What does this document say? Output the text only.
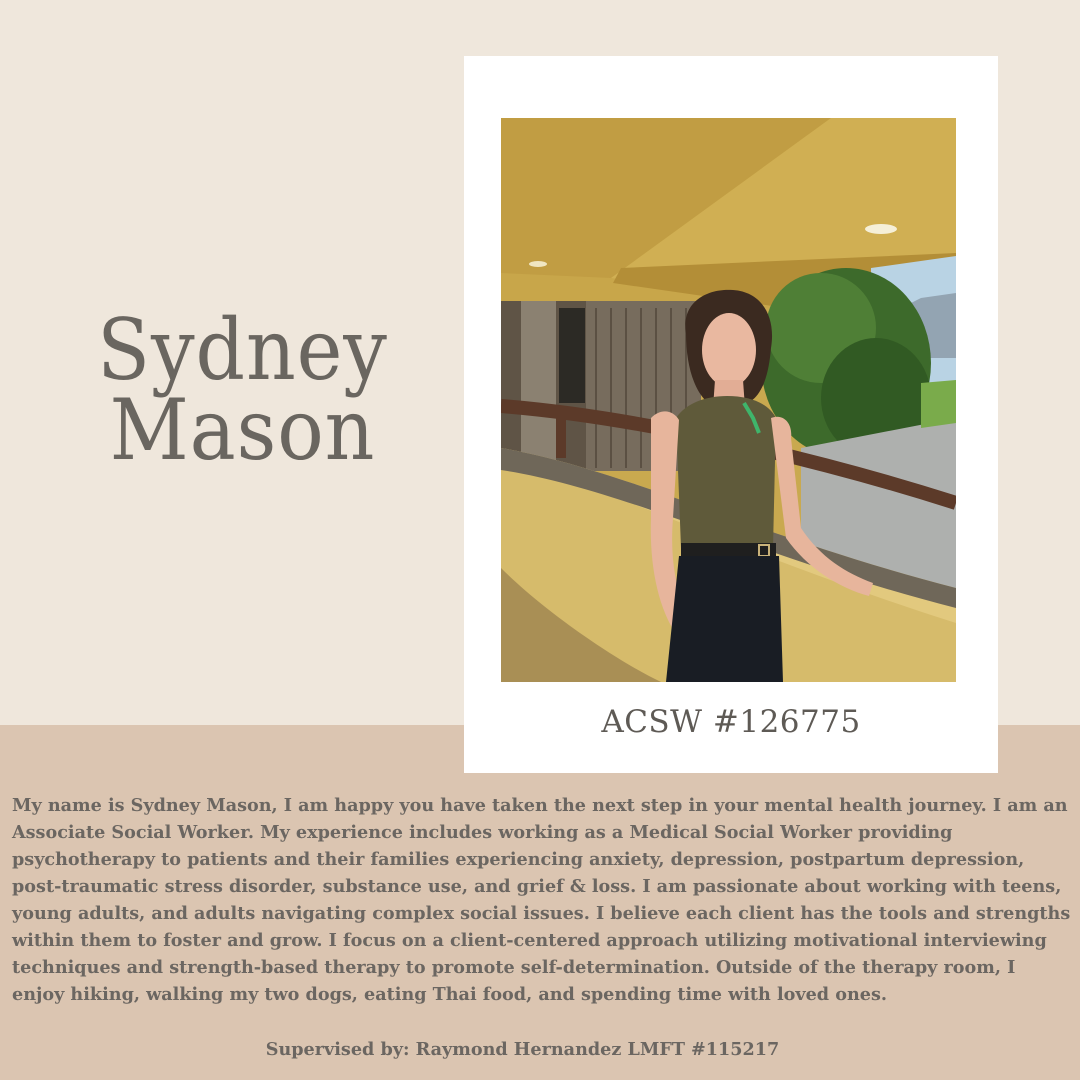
Sydney
Mason
ACSW #126775

My name is Sydney Mason, I am happy you have taken the next step in your mental health journey. I am an Associate Social Worker. My experience includes working as a Medical Social Worker providing psychotherapy to patients and their families experiencing anxiety, depression, postpartum depression, post-traumatic stress disorder, substance use, and grief & loss. I am passionate about working with teens, young adults, and adults navigating complex social issues. I believe each client has the tools and strengths within them to foster and grow. I focus on a client-centered approach utilizing motivational interviewing techniques and strength-based therapy to promote self-determination. Outside of the therapy room, I enjoy hiking, walking my two dogs, eating Thai food, and spending time with loved ones.

Supervised by: Raymond Hernandez LMFT #115217
